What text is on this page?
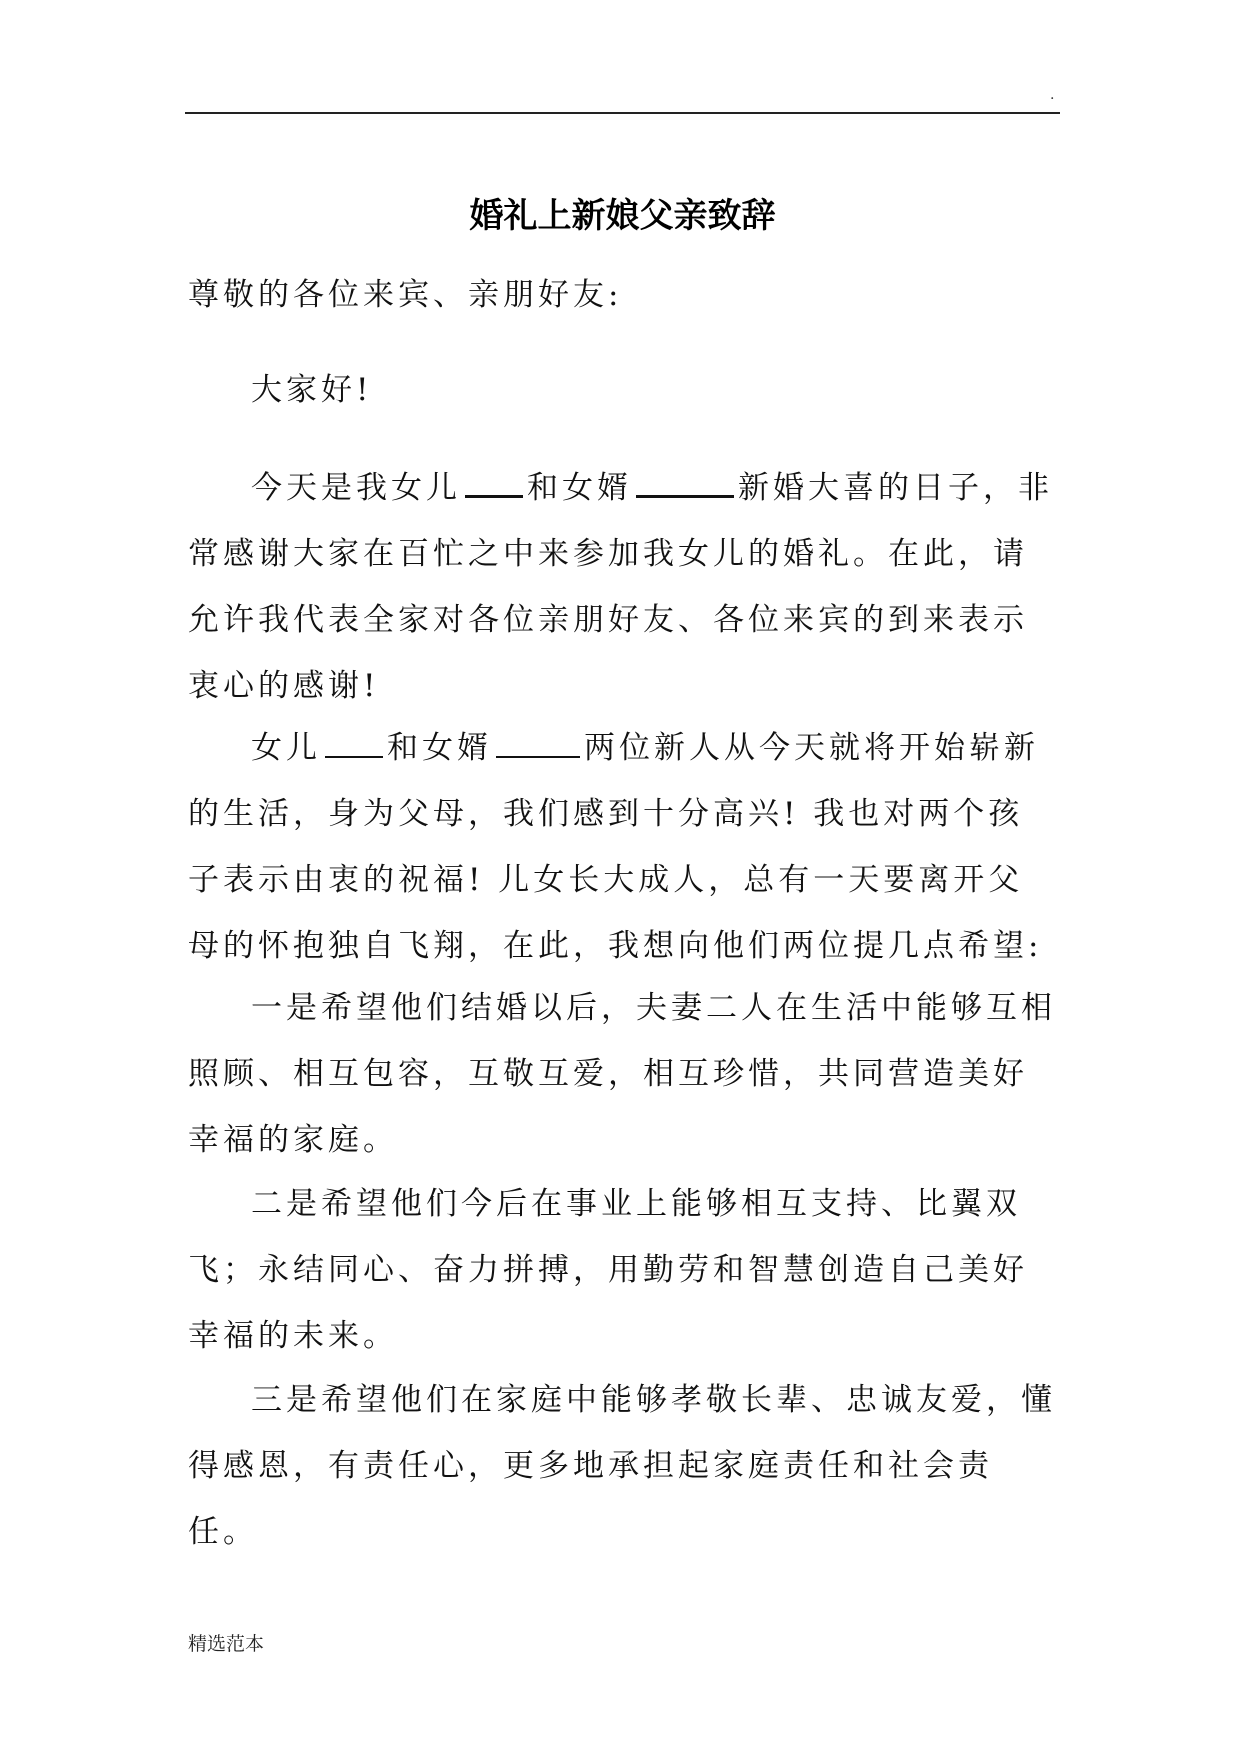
.
婚礼上新娘父亲致辞

尊敬的各位来宾、亲朋好友:

大家好!

今天是我女儿 和女婿	新婚大喜的日子，非常感谢大家在百忙之中来参加我女儿的婚礼。在此，请允许我代表全家对各位亲朋好友、各位来宾的到来表示衷心的感谢!

女儿 和女婿	两位新人从今天就将开始崭新的生活，身为父母，我们感到十分高兴! 我也对两个孩子表示由衷的祝福! 儿女长大成人，总有一天要离开父母的怀抱独自飞翔，在此，我想向他们两位提几点希望:

一是希望他们结婚以后，夫妻二人在生活中能够互相照顾、相互包容，互敬互爱，相互珍惜，共同营造美好幸福的家庭。

二是希望他们今后在事业上能够相互支持、比翼双飞；永结同心、奋力拼搏，用勤劳和智慧创造自己美好幸福的未来。

三是希望他们在家庭中能够孝敬长辈、忠诚友爱，懂得感恩，有责任心，更多地承担起家庭责任和社会责任。

精选范本
